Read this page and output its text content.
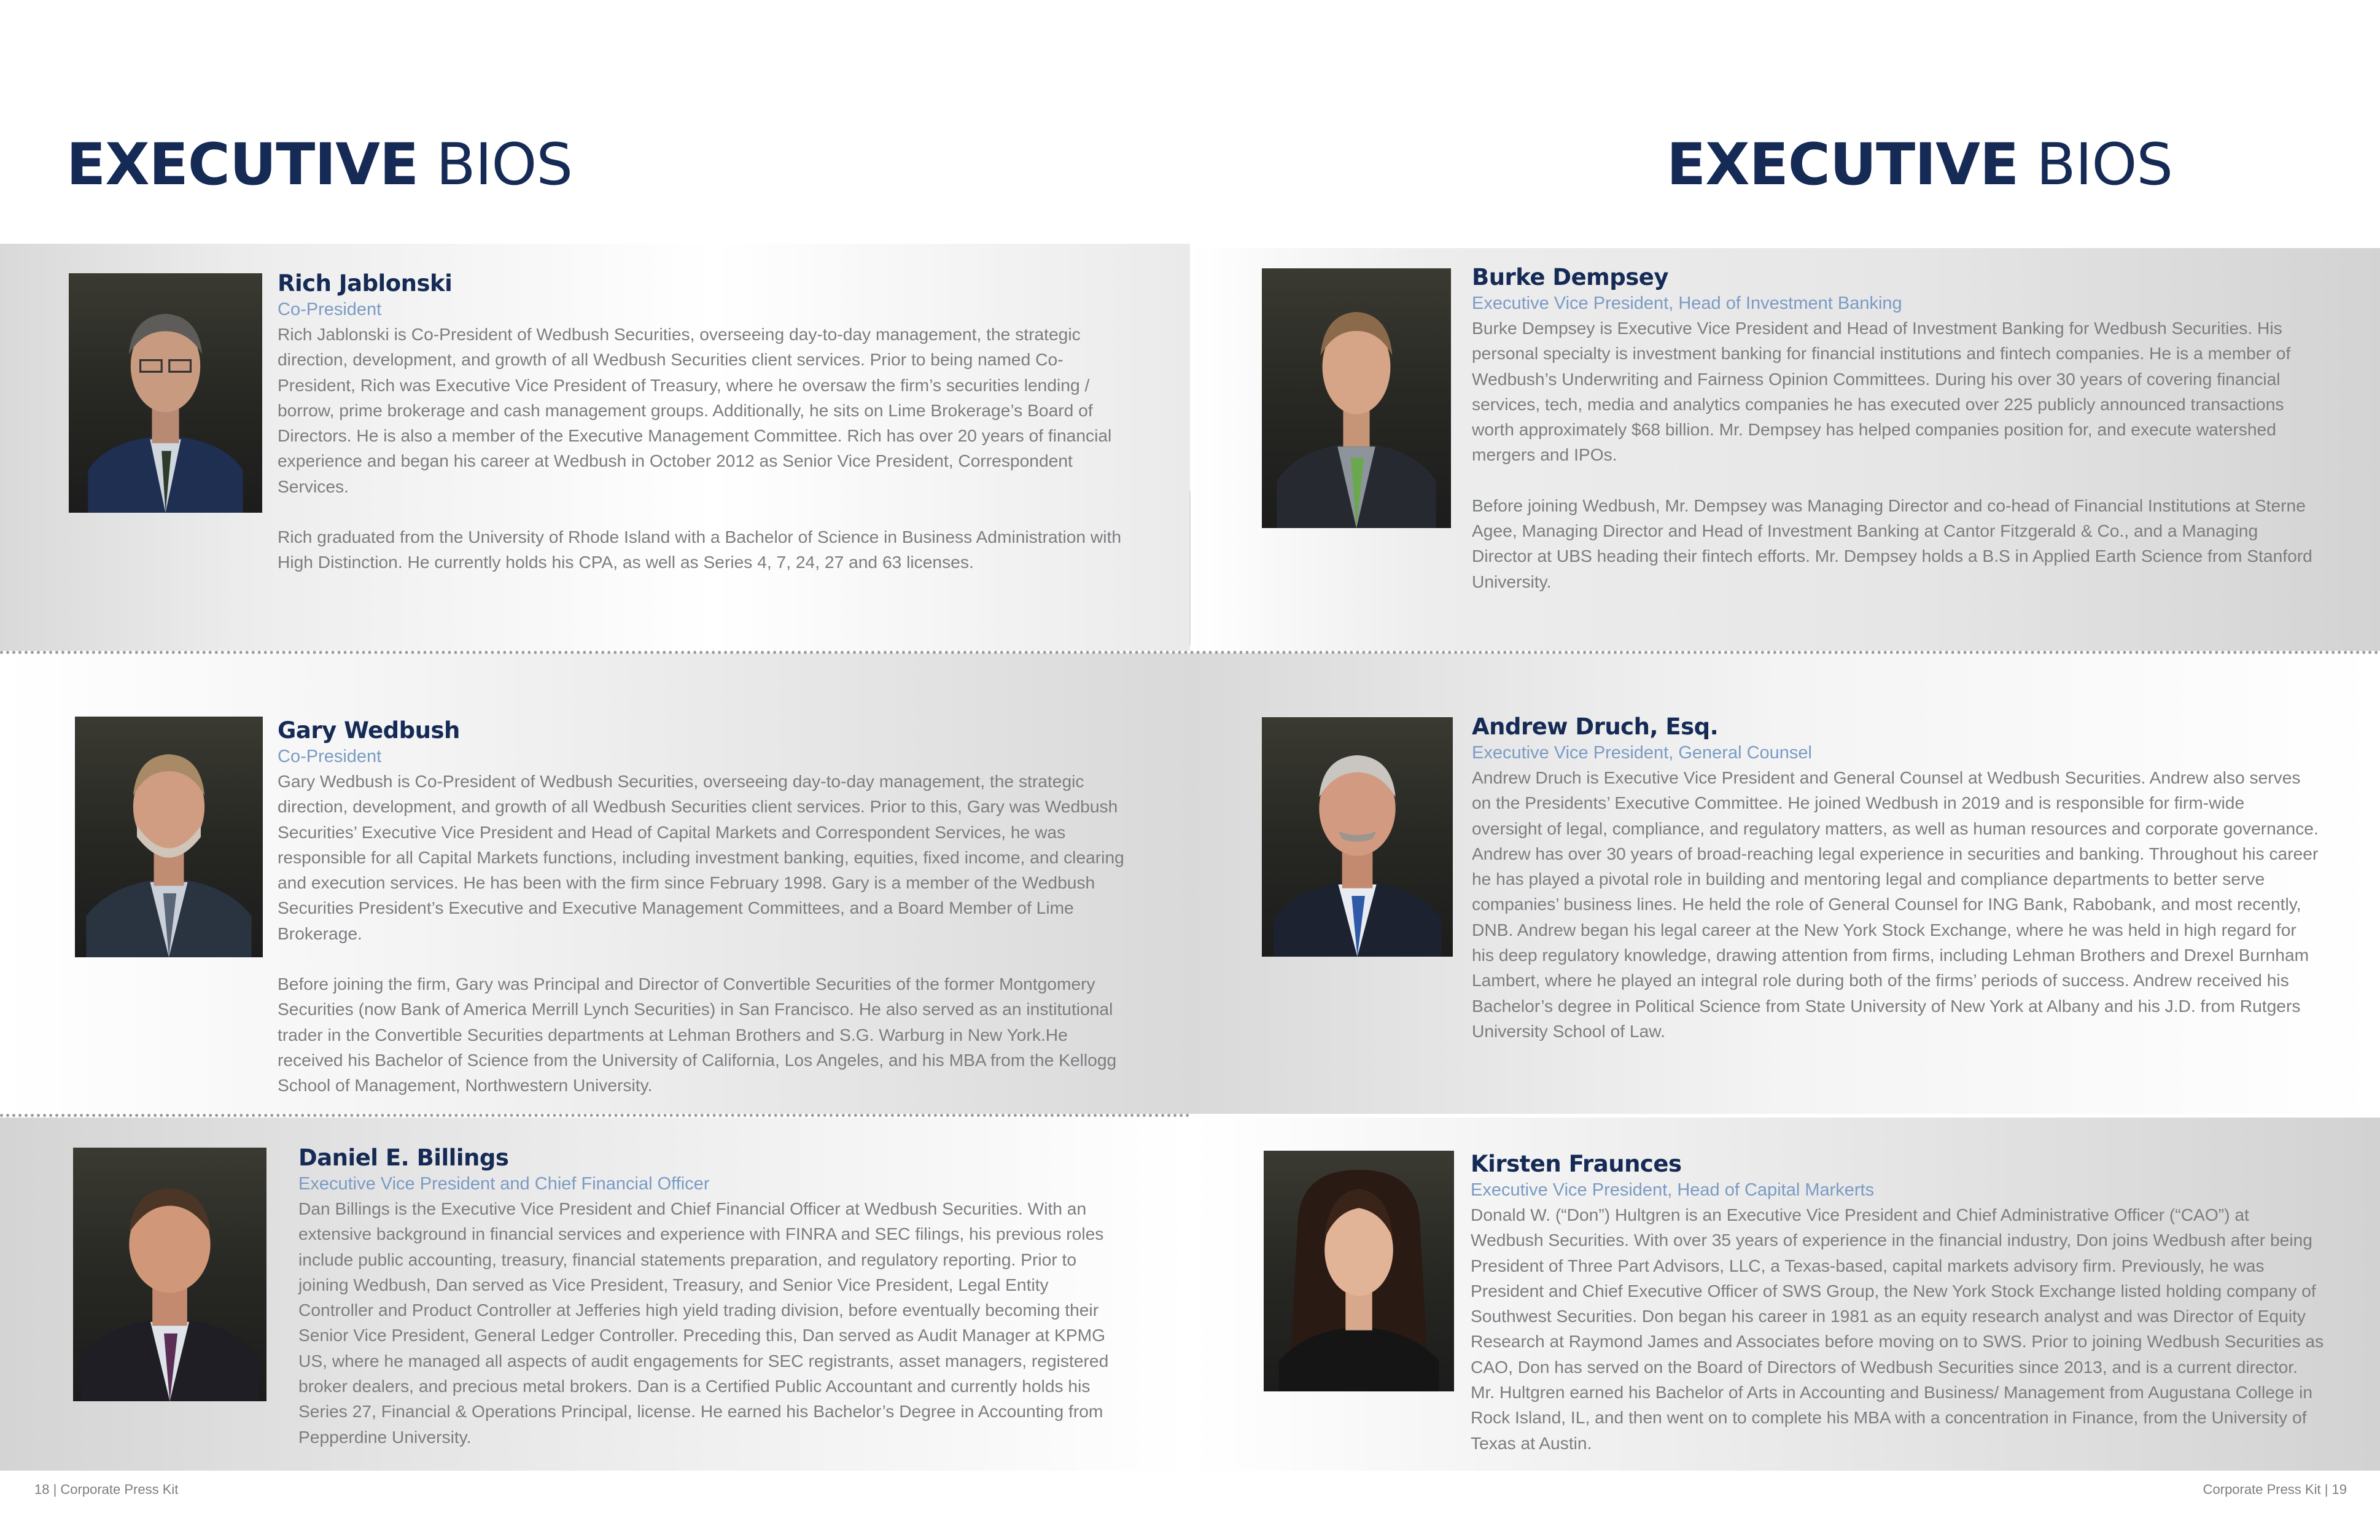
EXECUTIVE BIOS	EXECUTIVE BIOS
Rich Jablonski
Co-President

Rich Jablonski is Co-President of Wedbush Securities, overseeing day-to-day management, the strategic direction, development, and growth of all Wedbush Securities client services. Prior to being named Co-President, Rich was Executive Vice President of Treasury, where he oversaw the firm’s securities lending / borrow, prime brokerage and cash management groups. Additionally, he sits on Lime Brokerage’s Board of Directors. He is also a member of the Executive Management Committee. Rich has over 20 years of financial experience and began his career at Wedbush in October 2012 as Senior Vice President, Correspondent Services.

Rich graduated from the University of Rhode Island with a Bachelor of Science in Business Administration with High Distinction. He currently holds his CPA, as well as Series 4, 7, 24, 27 and 63 licenses.

Burke Dempsey
Executive Vice President, Head of Investment Banking

Burke Dempsey is Executive Vice President and Head of Investment Banking for Wedbush Securities. His personal specialty is investment banking for financial institutions and fintech companies. He is a member of Wedbush’s Underwriting and Fairness Opinion Committees. During his over 30 years of covering financial services, tech, media and analytics companies he has executed over 225 publicly announced transactions worth approximately $68 billion. Mr. Dempsey has helped companies position for, and execute watershed mergers and IPOs.

Before joining Wedbush, Mr. Dempsey was Managing Director and co-head of Financial Institutions at Sterne Agee, Managing Director and Head of Investment Banking at Cantor Fitzgerald & Co., and a Managing Director at UBS heading their fintech efforts. Mr. Dempsey holds a B.S in Applied Earth Science from Stanford University.

Gary Wedbush
Co-President

Gary Wedbush is Co-President of Wedbush Securities, overseeing day-to-day management, the strategic direction, development, and growth of all Wedbush Securities client services. Prior to this, Gary was Wedbush Securities’ Executive Vice President and Head of Capital Markets and Correspondent Services, he was responsible for all Capital Markets functions, including investment banking, equities, fixed income, and clearing and execution services. He has been with the firm since February 1998. Gary is a member of the Wedbush Securities President’s Executive and Executive Management Committees, and a Board Member of Lime Brokerage.

Before joining the firm, Gary was Principal and Director of Convertible Securities of the former Montgomery Securities (now Bank of America Merrill Lynch Securities) in San Francisco. He also served as an institutional trader in the Convertible Securities departments at Lehman Brothers and S.G. Warburg in New York.He received his Bachelor of Science from the University of California, Los Angeles, and his MBA from the Kellogg School of Management, Northwestern University.

Andrew Druch, Esq.
Executive Vice President, General Counsel

Andrew Druch is Executive Vice President and General Counsel at Wedbush Securities. Andrew also serves on the Presidents’ Executive Committee. He joined Wedbush in 2019 and is responsible for firm-wide oversight of legal, compliance, and regulatory matters, as well as human resources and corporate governance. Andrew has over 30 years of broad-reaching legal experience in securities and banking. Throughout his career he has played a pivotal role in building and mentoring legal and compliance departments to better serve companies’ business lines. He held the role of General Counsel for ING Bank, Rabobank, and most recently, DNB. Andrew began his legal career at the New York Stock Exchange, where he was held in high regard for his deep regulatory knowledge, drawing attention from firms, including Lehman Brothers and Drexel Burnham Lambert, where he played an integral role during both of the firms’ periods of success. Andrew received his Bachelor’s degree in Political Science from State University of New York at Albany and his J.D. from Rutgers University School of Law.

Daniel E. Billings
Executive Vice President and Chief Financial Officer

Dan Billings is the Executive Vice President and Chief Financial Officer at Wedbush Securities. With an extensive background in financial services and experience with FINRA and SEC filings, his previous roles include public accounting, treasury, financial statements preparation, and regulatory reporting. Prior to joining Wedbush, Dan served as Vice President, Treasury, and Senior Vice President, Legal Entity Controller and Product Controller at Jefferies high yield trading division, before eventually becoming their Senior Vice President, General Ledger Controller. Preceding this, Dan served as Audit Manager at KPMG US, where he managed all aspects of audit engagements for SEC registrants, asset managers, registered broker dealers, and precious metal brokers. Dan is a Certified Public Accountant and currently holds his Series 27, Financial & Operations Principal, license. He earned his Bachelor’s Degree in Accounting from Pepperdine University.

Kirsten Fraunces
Executive Vice President, Head of Capital Markerts

Donald W. (“Don”) Hultgren is an Executive Vice President and Chief Administrative Officer (“CAO”) at Wedbush Securities. With over 35 years of experience in the financial industry, Don joins Wedbush after being President of Three Part Advisors, LLC, a Texas-based, capital markets advisory firm. Previously, he was President and Chief Executive Officer of SWS Group, the New York Stock Exchange listed holding company of Southwest Securities. Don began his career in 1981 as an equity research analyst and was Director of Equity Research at Raymond James and Associates before moving on to SWS. Prior to joining Wedbush Securities as CAO, Don has served on the Board of Directors of Wedbush Securities since 2013, and is a current director. Mr. Hultgren earned his Bachelor of Arts in Accounting and Business/ Management from Augustana College in Rock Island, IL, and then went on to complete his MBA with a concentration in Finance, from the University of Texas at Austin.

18 | Corporate Press Kit	Corporate Press Kit | 19
